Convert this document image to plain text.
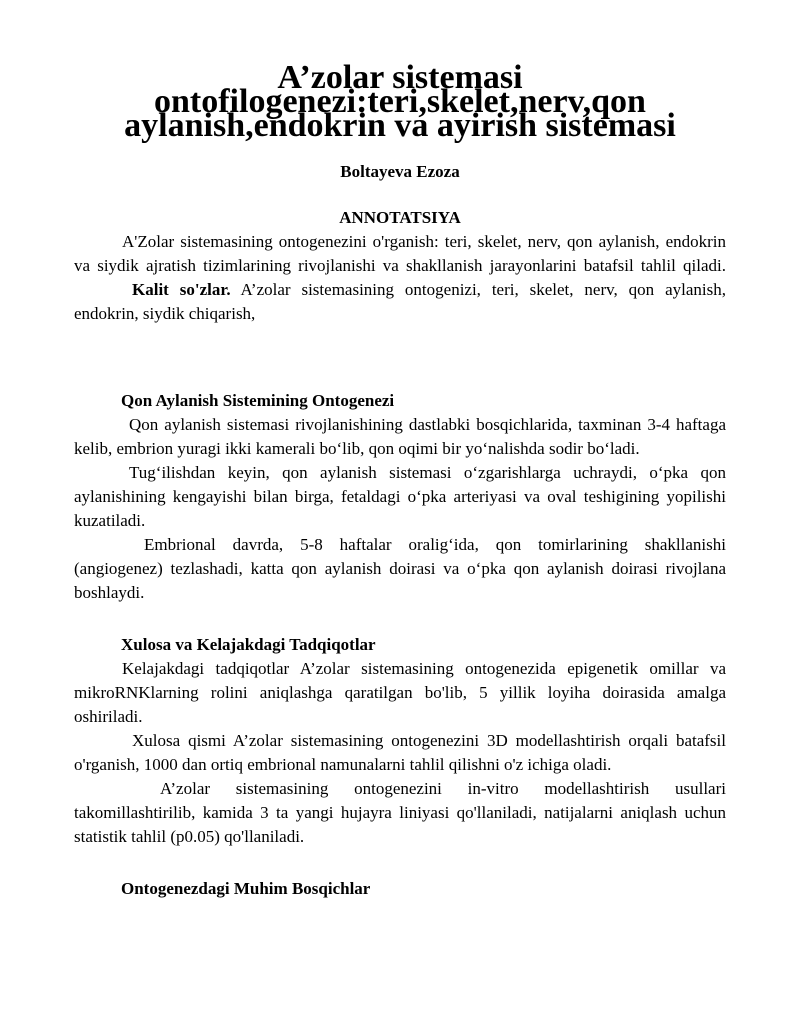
A’zolar sistemasi ontofilogenezi:teri,skelet,nerv,qon aylanish,endokrin va ayirish sistemasi
Boltayeva Ezoza
ANNOTATSIYA

A'Zolar sistemasining ontogenezini o'rganish: teri, skelet, nerv, qon aylanish, endokrin va siydik ajratish tizimlarining rivojlanishi va shakllanish jarayonlarini batafsil tahlil qiladi.

Kalit so'zlar. A’zolar sistemasining ontogenizi, teri, skelet, nerv, qon aylanish, endokrin, siydik chiqarish,

Qon Aylanish Sistemining Ontogenezi

Qon aylanish sistemasi rivojlanishining dastlabki bosqichlarida, taxminan 3-4 haftaga kelib, embrion yuragi ikki kamerali bo‘lib, qon oqimi bir yo‘nalishda sodir bo‘ladi.

Tug‘ilishdan keyin, qon aylanish sistemasi o‘zgarishlarga uchraydi, o‘pka qon aylanishining kengayishi bilan birga, fetaldagi o‘pka arteriyasi va oval teshigining yopilishi kuzatiladi.

Embrional davrda, 5-8 haftalar oralig‘ida, qon tomirlarining shakllanishi (angiogenez) tezlashadi, katta qon aylanish doirasi va o‘pka qon aylanish doirasi rivojlana boshlaydi.

Xulosa va Kelajakdagi Tadqiqotlar

Kelajakdagi tadqiqotlar A’zolar sistemasining ontogenezida epigenetik omillar va mikroRNKlarning rolini aniqlashga qaratilgan bo'lib, 5 yillik loyiha doirasida amalga oshiriladi.

Xulosa qismi A’zolar sistemasining ontogenezini 3D modellashtirish orqali batafsil o'rganish, 1000 dan ortiq embrional namunalarni tahlil qilishni o'z ichiga oladi.

A’zolar sistemasining ontogenezini in-vitro modellashtirish usullari takomillashtirilib, kamida 3 ta yangi hujayra liniyasi qo'llaniladi, natijalarni aniqlash uchun statistik tahlil (p0.05) qo'llaniladi.

Ontogenezdagi Muhim Bosqichlar
